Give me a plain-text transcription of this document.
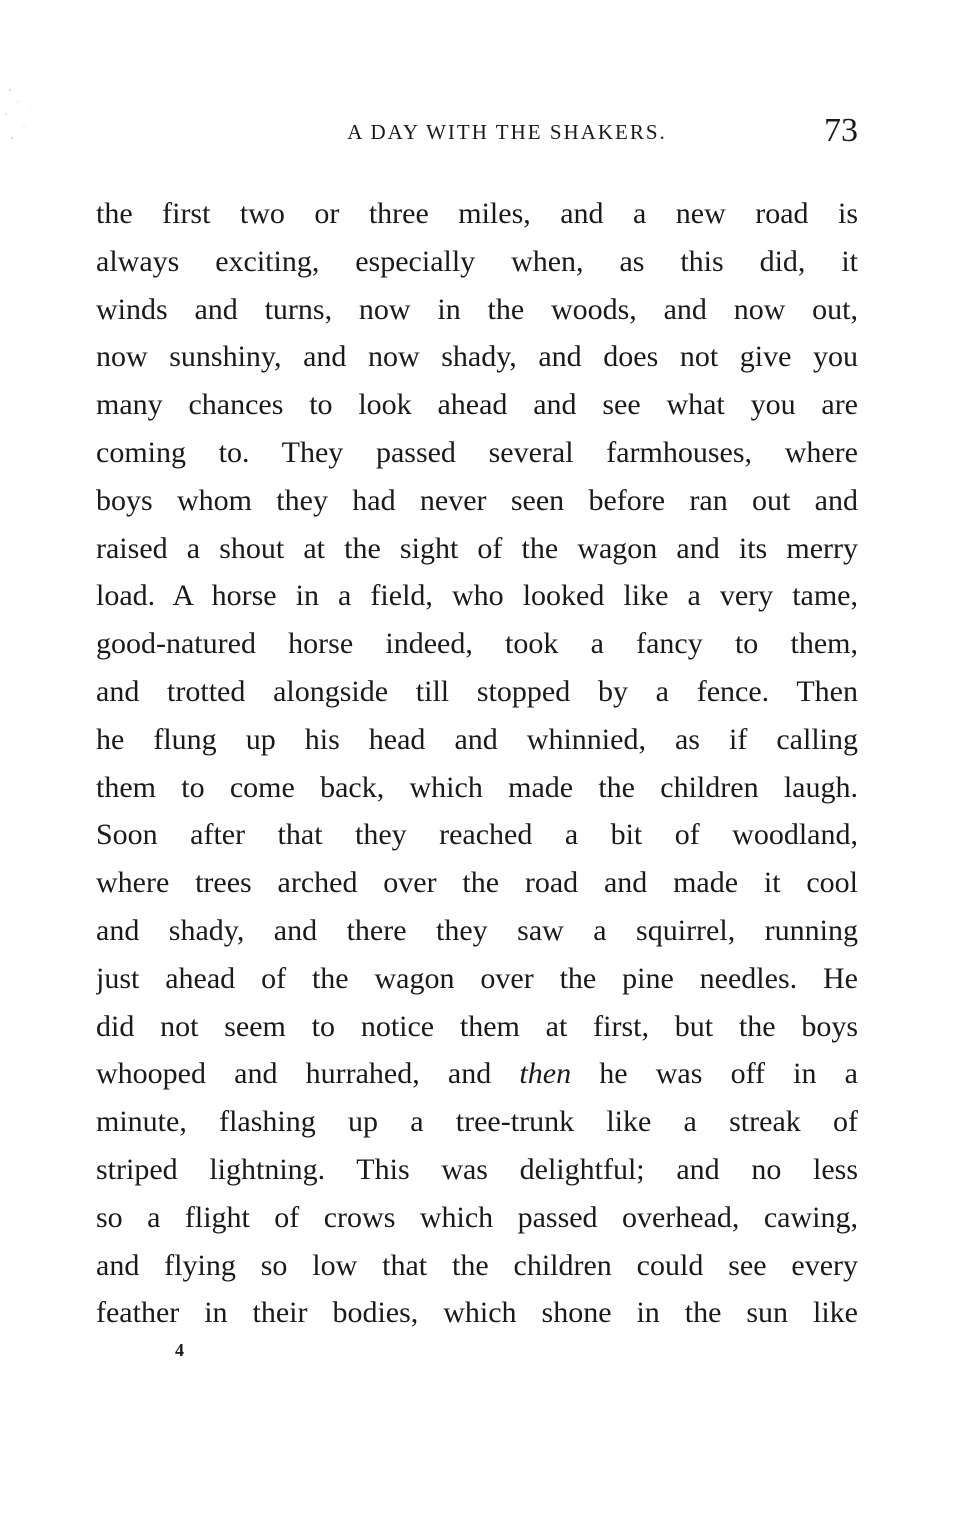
A DAY WITH THE SHAKERS.	73
the first two or three miles, and a new road is
always exciting, especially when, as this did, it
winds and turns, now in the woods, and now out,
now sunshiny, and now shady, and does not give you
many chances to look ahead and see what you are
coming to. They passed several farmhouses, where
boys whom they had never seen before ran out and
raised a shout at the sight of the wagon and its merry
load. A horse in a field, who looked like a very tame,
good-natured horse indeed, took a fancy to them,
and trotted alongside till stopped by a fence. Then
he flung up his head and whinnied, as if calling
them to come back, which made the children laugh.
Soon after that they reached a bit of woodland,
where trees arched over the road and made it cool
and shady, and there they saw a squirrel, running
just ahead of the wagon over the pine needles. He
did not seem to notice them at first, but the boys
whooped and hurrahed, and then he was off in a
minute, flashing up a tree-trunk like a streak of
striped lightning. This was delightful; and no less
so a flight of crows which passed overhead, cawing,
and flying so low that the children could see every
feather in their bodies, which shone in the sun like
4
